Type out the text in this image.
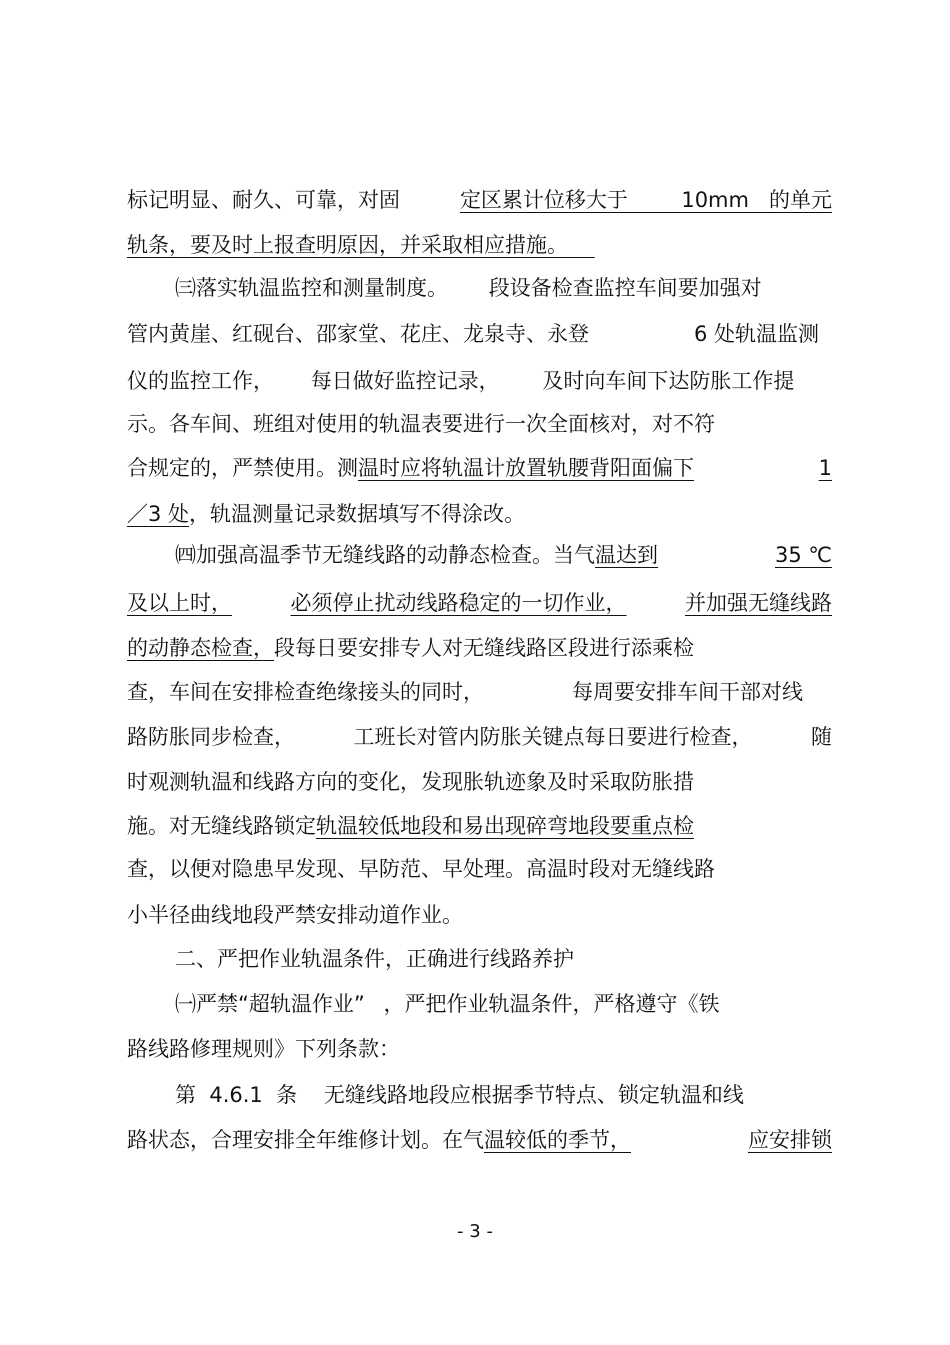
标记明显、耐久、可靠，对固	定区累计位移大于        10mm   的单元
轨条，要及时上报查明原因，并采取相应措施。
㈢落实轨温监控和测量制度。 段设备检查监控车间要加强对
管内黄崖、红砚台、邵家堂、花庄、龙泉寺、永登	6 处轨温监测
仪的监控工作， 每日做好监控记录， 及时向车间下达防胀工作提
示。各车间、班组对使用的轨温表要进行一次全面核对，对不符
合规定的，严禁使用。测 温时应将轨温计放置轨腰背阳面偏下	1
／3 处，轨温测量记录数据填写不得涂改。
㈣加强高温季节无缝线路的动静态检查。当气 温达到	35 ℃
及以上时，	必须停止扰动线路稳定的一切作业，	并加强无缝线路
的动静态检查，段每日要安排专人对无缝线路区段进行添乘检
查，车间在安排检查绝缘接头的同时，	每周要安排车间干部对线
路防胀同步检查，	工班长对管内防胀关键点每日要进行检查，	随
时观测轨温和线路方向的变化，发现胀轨迹象及时采取防胀措
施。对无缝线路锁定轨温较低地段和易出现碎弯地段要重点检
查，以便对隐患早发现、早防范、早处理。高温时段对无缝线路
小半径曲线地段严禁安排动道作业。
二、严把作业轨温条件，正确进行线路养护
㈠严禁“超轨温作业” ，严把作业轨温条件，严格遵守《铁
路线路修理规则》下列条款：
第  4.6.1  条 无缝线路地段应根据季节特点、锁定轨温和线
路状态，合理安排全年维修计划。在气 温较低的季节，	应安排锁
- 3 -
